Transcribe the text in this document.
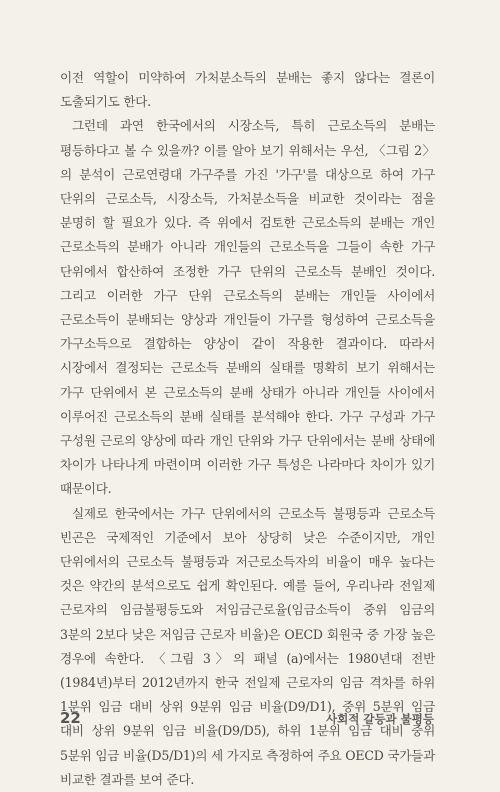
이전 역할이 미약하여 가처분소득의 분배는 좋지 않다는 결론이 도출되기도 한다.

그런데 과연 한국에서의 시장소득, 특히 근로소득의 분배는 평등하다고 볼 수 있을까? 이를 알아 보기 위해서는 우선, 〈그림 2〉의 분석이 근로연령대 가구주를 가진 '가구'를 대상으로 하여 가구 단위의 근로소득, 시장소득, 가처분소득을 비교한 것이라는 점을 분명히 할 필요가 있다. 즉 위에서 검토한 근로소득의 분배는 개인 근로소득의 분배가 아니라 개인들의 근로소득을 그들이 속한 가구 단위에서 합산하여 조정한 가구 단위의 근로소득 분배인 것이다. 그리고 이러한 가구 단위 근로소득의 분배는 개인들 사이에서 근로소득이 분배되는 양상과 개인들이 가구를 형성하여 근로소득을 가구소득으로 결합하는 양상이 같이 작용한 결과이다. 따라서 시장에서 결정되는 근로소득 분배의 실태를 명확히 보기 위해서는 가구 단위에서 본 근로소득의 분배 상태가 아니라 개인들 사이에서 이루어진 근로소득의 분배 실태를 분석해야 한다. 가구 구성과 가구 구성원 근로의 양상에 따라 개인 단위와 가구 단위에서는 분배 상태에 차이가 나타나게 마련이며 이러한 가구 특성은 나라마다 차이가 있기 때문이다.

실제로 한국에서는 가구 단위에서의 근로소득 불평등과 근로소득 빈곤은 국제적인 기준에서 보아 상당히 낮은 수준이지만, 개인 단위에서의 근로소득 불평등과 저근로소득자의 비율이 매우 높다는 것은 약간의 분석으로도 쉽게 확인된다. 예를 들어, 우리나라 전일제 근로자의 임금불평등도와 저임금근로율(임금소득이 중위 임금의 3분의 2보다 낮은 저임금 근로자 비율)은 OECD 회원국 중 가장 높은 경우에 속한다. 〈그림 3〉의 패널 (a)에서는 1980년대 전반(1984년)부터 2012년까지 한국 전일제 근로자의 임금 격차를 하위 1분위 임금 대비 상위 9분위 임금 비율(D9/D1), 중위 5분위 임금 대비 상위 9분위 임금 비율(D9/D5), 하위 1분위 임금 대비 중위 5분위 임금 비율(D5/D1)의 세 가지로 측정하여 주요 OECD 국가들과 비교한 결과를 보여 준다.

22	사회적 갈등과 불평등
